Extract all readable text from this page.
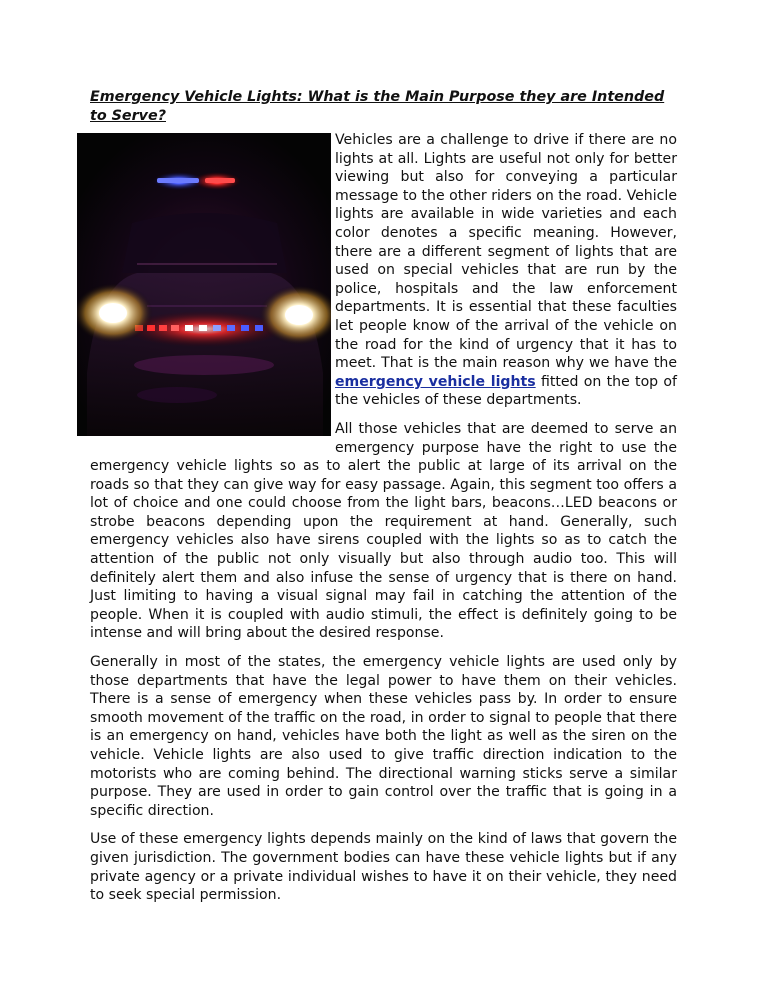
Emergency Vehicle Lights: What is the Main Purpose they are Intended to Serve?

Vehicles are a challenge to drive if there are no lights at all. Lights are useful not only for better viewing but also for conveying a particular message to the other riders on the road. Vehicle lights are available in wide varieties and each color denotes a specific meaning. However, there are a different segment of lights that are used on special vehicles that are run by the police, hospitals and the law enforcement departments. It is essential that these faculties let people know of the arrival of the vehicle on the road for the kind of urgency that it has to meet. That is the main reason why we have the emergency vehicle lights fitted on the top of the vehicles of these departments.

All those vehicles that are deemed to serve an emergency purpose have the right to use the emergency vehicle lights so as to alert the public at large of its arrival on the roads so that they can give way for easy passage. Again, this segment too offers a lot of choice and one could choose from the light bars, beacons…LED beacons or strobe beacons depending upon the requirement at hand. Generally, such emergency vehicles also have sirens coupled with the lights so as to catch the attention of the public not only visually but also through audio too. This will definitely alert them and also infuse the sense of urgency that is there on hand. Just limiting to having a visual signal may fail in catching the attention of the people. When it is coupled with audio stimuli, the effect is definitely going to be intense and will bring about the desired response.

Generally in most of the states, the emergency vehicle lights are used only by those departments that have the legal power to have them on their vehicles. There is a sense of emergency when these vehicles pass by. In order to ensure smooth movement of the traffic on the road, in order to signal to people that there is an emergency on hand, vehicles have both the light as well as the siren on the vehicle. Vehicle lights are also used to give traffic direction indication to the motorists who are coming behind. The directional warning sticks serve a similar purpose. They are used in order to gain control over the traffic that is going in a specific direction.

Use of these emergency lights depends mainly on the kind of laws that govern the given jurisdiction. The government bodies can have these vehicle lights but if any private agency or a private individual wishes to have it on their vehicle, they need to seek special permission.
